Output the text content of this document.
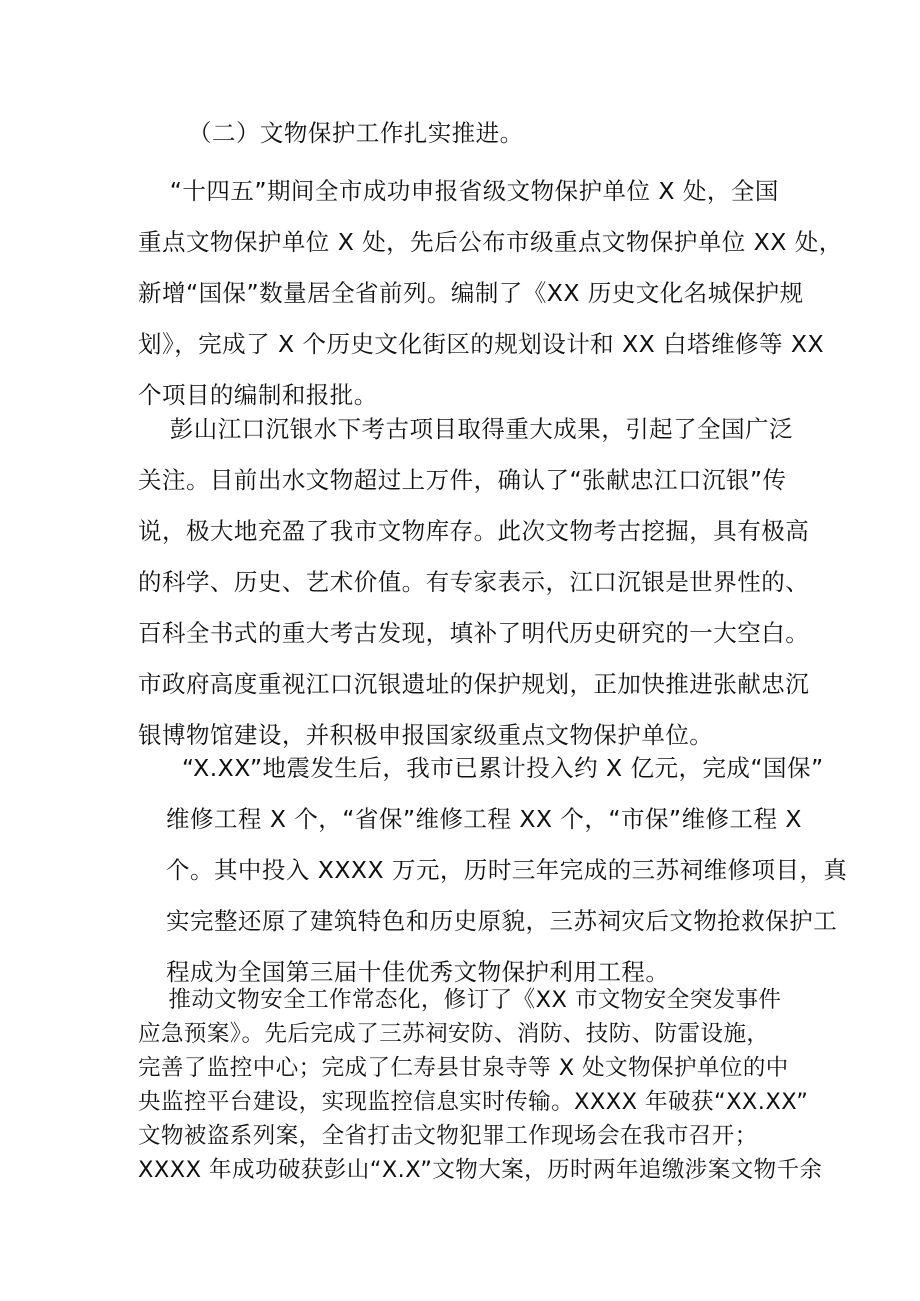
（二）文物保护工作扎实推进。

“十四五”期间全市成功申报省级文物保护单位 X 处，全国
重点文物保护单位 X 处，先后公布市级重点文物保护单位 XX 处，
新增“国保”数量居全省前列。编制了《XX 历史文化名城保护规
划》，完成了 X 个历史文化街区的规划设计和 XX 白塔维修等 XX
个项目的编制和报批。

彭山江口沉银水下考古项目取得重大成果，引起了全国广泛
关注。目前出水文物超过上万件，确认了“张献忠江口沉银”传
说，极大地充盈了我市文物库存。此次文物考古挖掘，具有极高
的科学、历史、艺术价值。有专家表示，江口沉银是世界性的、
百科全书式的重大考古发现，填补了明代历史研究的一大空白。
市政府高度重视江口沉银遗址的保护规划，正加快推进张献忠沉
银博物馆建设，并积极申报国家级重点文物保护单位。

“X.XX”地震发生后，我市已累计投入约 X 亿元，完成“国保”
维修工程 X 个，“省保”维修工程 XX 个，“市保”维修工程 X
个。其中投入 XXXX 万元，历时三年完成的三苏祠维修项目，真
实完整还原了建筑特色和历史原貌，三苏祠灾后文物抢救保护工
程成为全国第三届十佳优秀文物保护利用工程。

推动文物安全工作常态化，修订了《XX 市文物安全突发事件
应急预案》。先后完成了三苏祠安防、消防、技防、防雷设施，
完善了监控中心；完成了仁寿县甘泉寺等 X 处文物保护单位的中
央监控平台建设，实现监控信息实时传输。XXXX 年破获“XX.XX”
文物被盗系列案，全省打击文物犯罪工作现场会在我市召开；
XXXX 年成功破获彭山“X.X”文物大案，历时两年追缴涉案文物千余
